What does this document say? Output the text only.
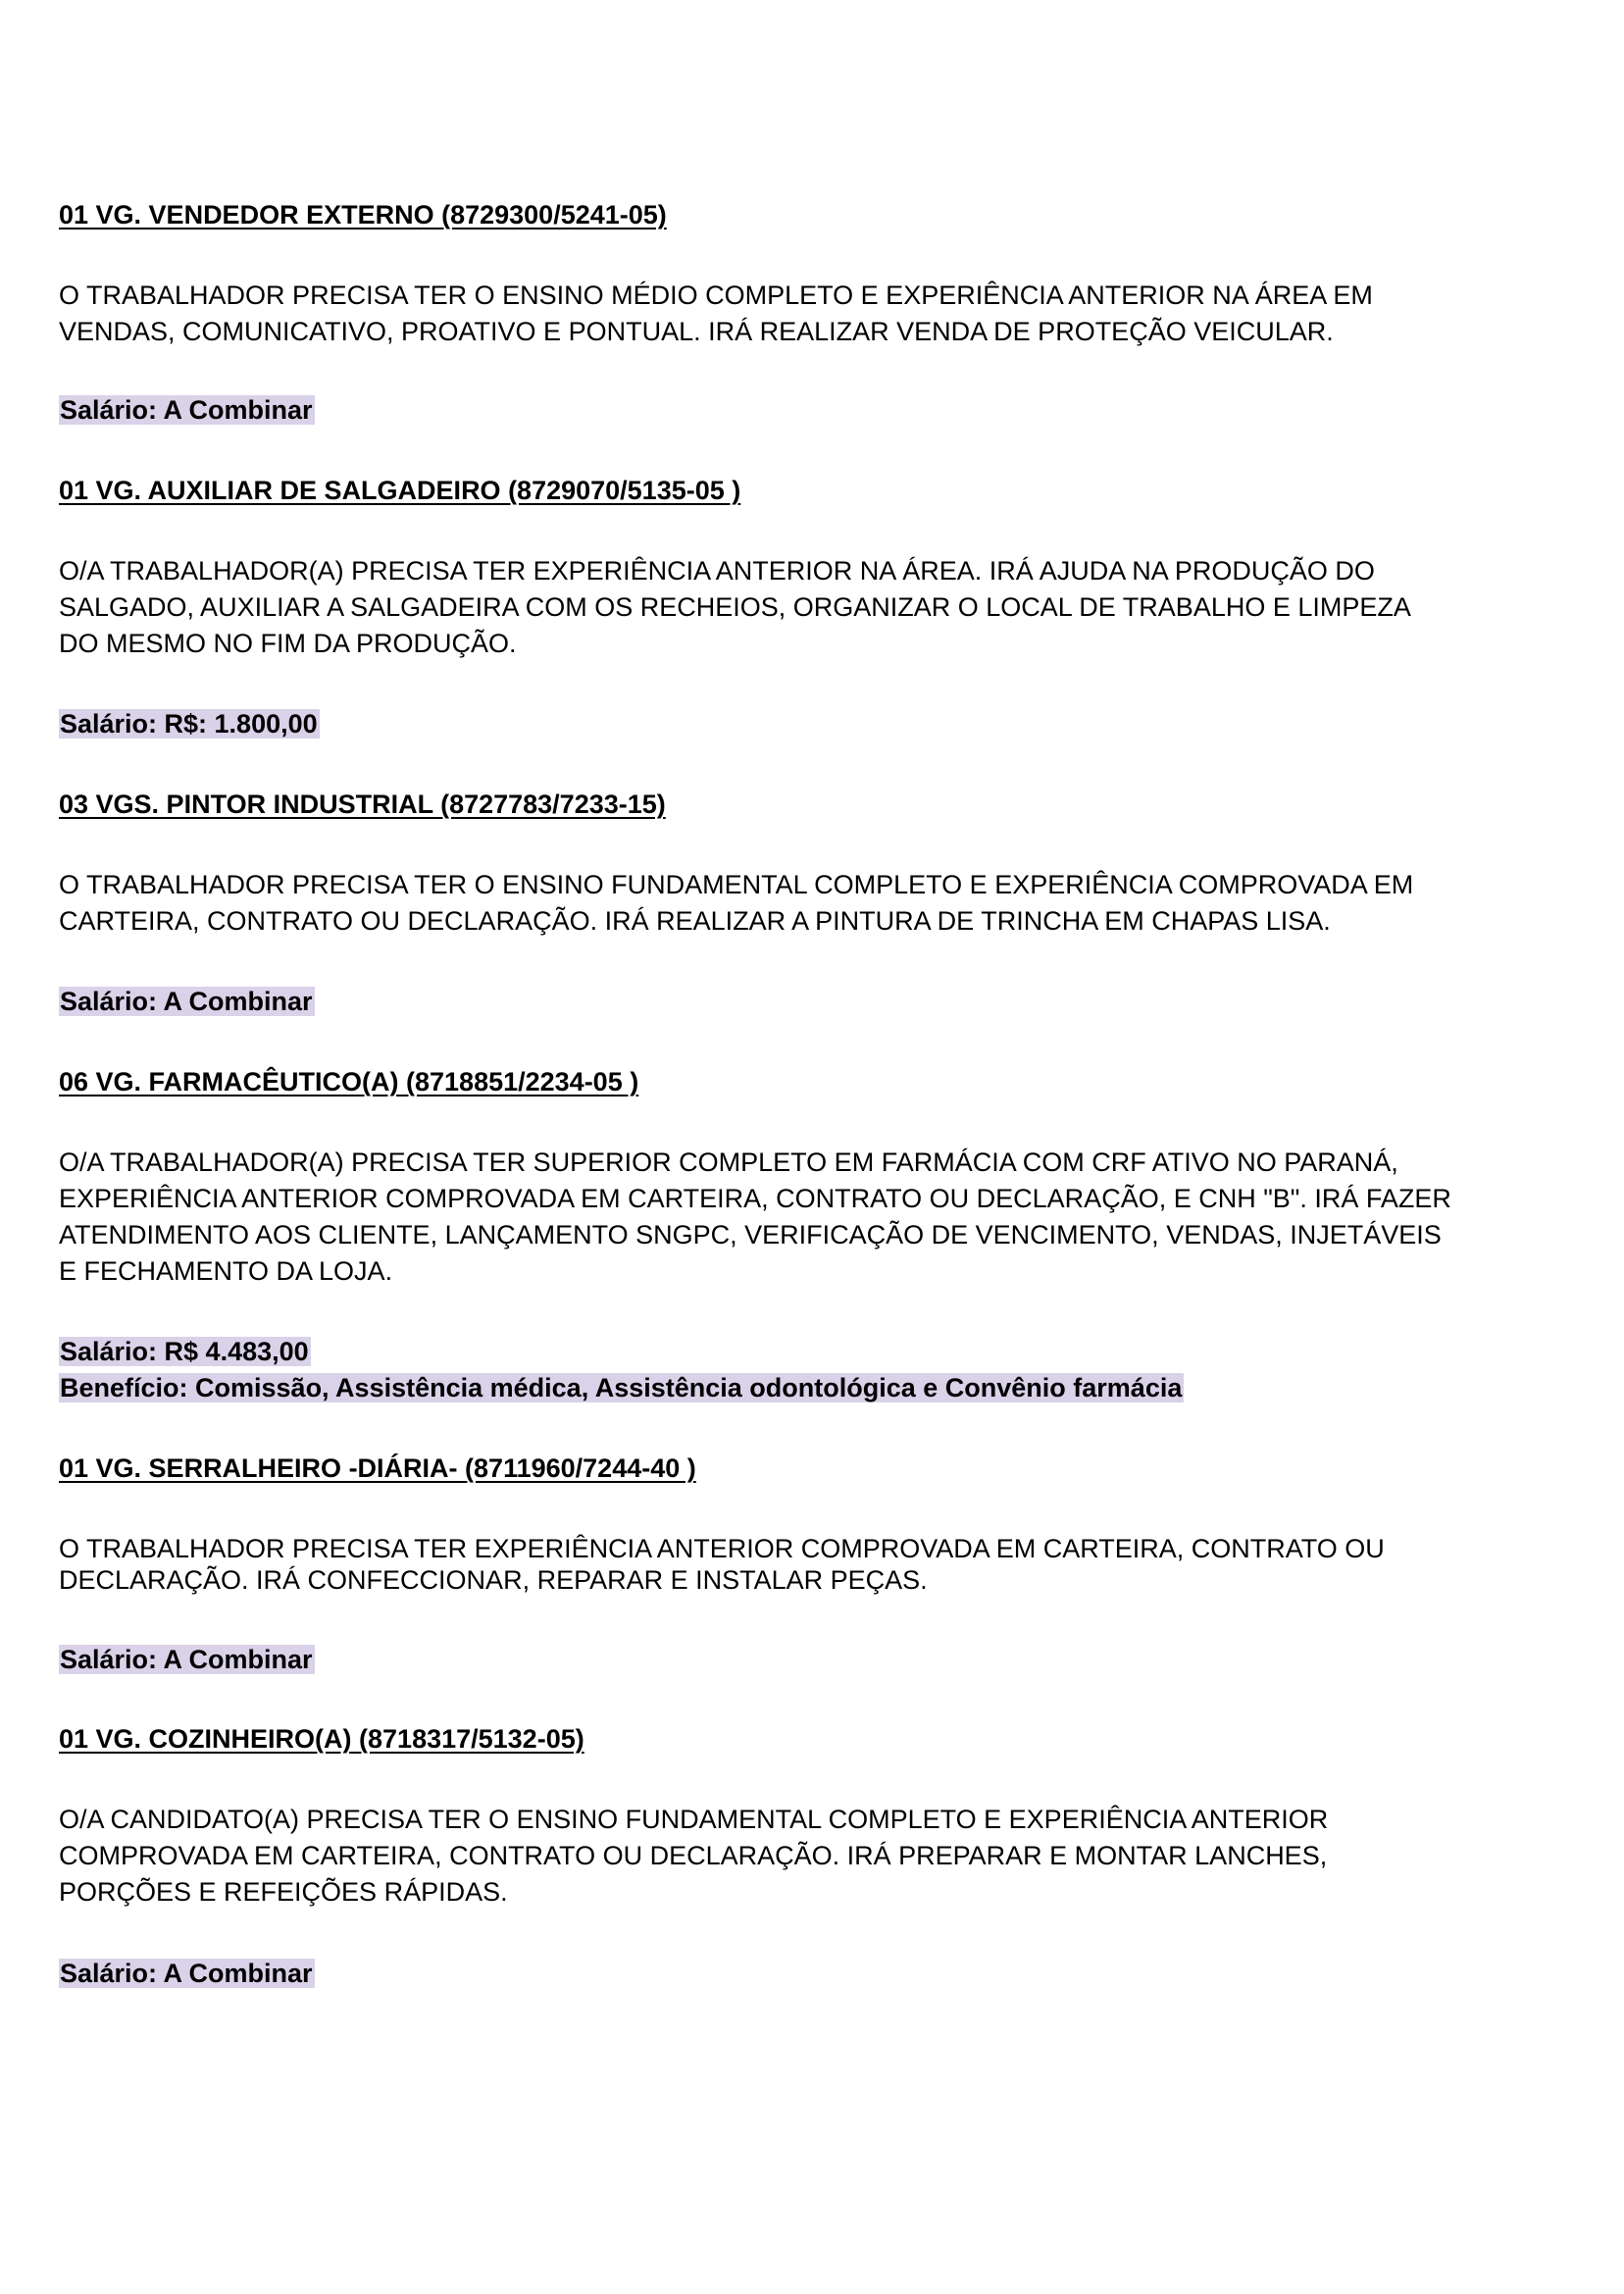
01 VG. VENDEDOR EXTERNO (8729300/5241-05)
O TRABALHADOR PRECISA TER O ENSINO MÉDIO COMPLETO E EXPERIÊNCIA ANTERIOR NA ÁREA EM
VENDAS, COMUNICATIVO, PROATIVO E PONTUAL. IRÁ REALIZAR VENDA DE PROTEÇÃO VEICULAR.
Salário: A Combinar
01 VG. AUXILIAR DE SALGADEIRO (8729070/5135-05 )
O/A TRABALHADOR(A) PRECISA TER EXPERIÊNCIA ANTERIOR NA ÁREA. IRÁ AJUDA NA PRODUÇÃO DO
SALGADO, AUXILIAR A SALGADEIRA COM OS RECHEIOS, ORGANIZAR O LOCAL DE TRABALHO E LIMPEZA
DO MESMO NO FIM DA PRODUÇÃO.
Salário: R$: 1.800,00
03 VGS. PINTOR INDUSTRIAL (8727783/7233-15)
O TRABALHADOR PRECISA TER O ENSINO FUNDAMENTAL COMPLETO E EXPERIÊNCIA COMPROVADA EM
CARTEIRA, CONTRATO OU DECLARAÇÃO. IRÁ REALIZAR A PINTURA DE TRINCHA EM CHAPAS LISA.
Salário: A Combinar
06 VG. FARMACÊUTICO(A) (8718851/2234-05 )
O/A TRABALHADOR(A) PRECISA TER SUPERIOR COMPLETO EM FARMÁCIA COM CRF ATIVO NO PARANÁ,
EXPERIÊNCIA ANTERIOR COMPROVADA EM CARTEIRA, CONTRATO OU DECLARAÇÃO, E CNH "B". IRÁ FAZER
ATENDIMENTO AOS CLIENTE, LANÇAMENTO SNGPC, VERIFICAÇÃO DE VENCIMENTO, VENDAS, INJETÁVEIS
E FECHAMENTO DA LOJA.
Salário: R$ 4.483,00
Benefício: Comissão, Assistência médica, Assistência odontológica e Convênio farmácia
01 VG. SERRALHEIRO -DIÁRIA- (8711960/7244-40 )
O TRABALHADOR PRECISA TER EXPERIÊNCIA ANTERIOR COMPROVADA EM CARTEIRA, CONTRATO OU
DECLARAÇÃO. IRÁ CONFECCIONAR, REPARAR E INSTALAR PEÇAS.
Salário: A Combinar
01 VG. COZINHEIRO(A) (8718317/5132-05)
O/A CANDIDATO(A) PRECISA TER O ENSINO FUNDAMENTAL COMPLETO E EXPERIÊNCIA ANTERIOR
COMPROVADA EM CARTEIRA, CONTRATO OU DECLARAÇÃO. IRÁ PREPARAR E MONTAR LANCHES,
PORÇÕES E REFEIÇÕES RÁPIDAS.
Salário: A Combinar
